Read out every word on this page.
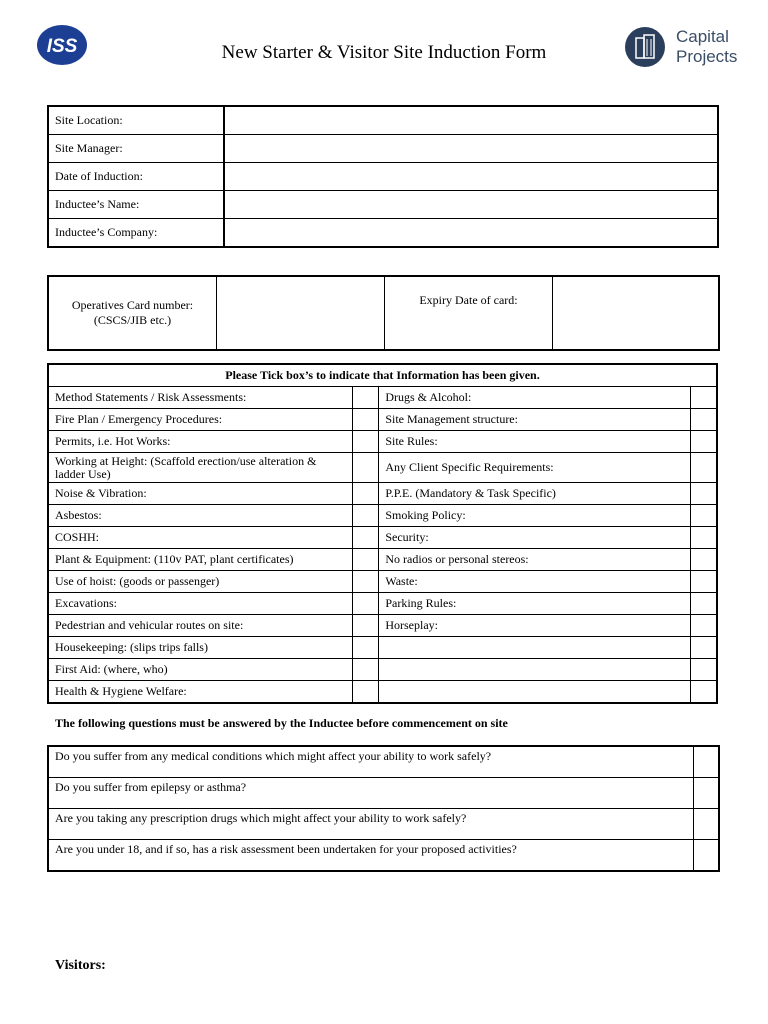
ISS	New Starter & Visitor Site Induction Form
Capital
Projects
Site Location:	
Site Manager:	
Date of Induction:	
Inductee’s Name:	
Inductee’s Company:	
Operatives Card number:
(CSCS/JIB etc.)
		Expiry Date of card:	
Please Tick box’s to indicate that Information has been given.			
Method Statements / Risk Assessments:		Drugs & Alcohol:	
Fire Plan / Emergency Procedures:		Site Management structure:	
Permits, i.e. Hot Works:		Site Rules:	
Working at Height: (Scaffold erection/use alteration & ladder Use)		Any Client Specific Requirements:	
Noise & Vibration:		P.P.E. (Mandatory & Task Specific)	
Asbestos:		Smoking Policy:	
COSHH:		Security:	
Plant & Equipment: (110v PAT, plant certificates)		No radios or personal stereos:	
Use of hoist: (goods or passenger)		Waste:	
Excavations:		Parking Rules:	
Pedestrian and vehicular routes on site:		Horseplay:	
Housekeeping: (slips trips falls)			
First Aid: (where, who)			
Health & Hygiene Welfare:			
The following questions must be answered by the Inductee before commencement on site
Do you suffer from any medical conditions which might affect your ability to work safely?	
Do you suffer from epilepsy or asthma?	
Are you taking any prescription drugs which might affect your ability to work safely?	
Are you under 18, and if so, has a risk assessment been undertaken for your proposed activities?	
Visitors:
